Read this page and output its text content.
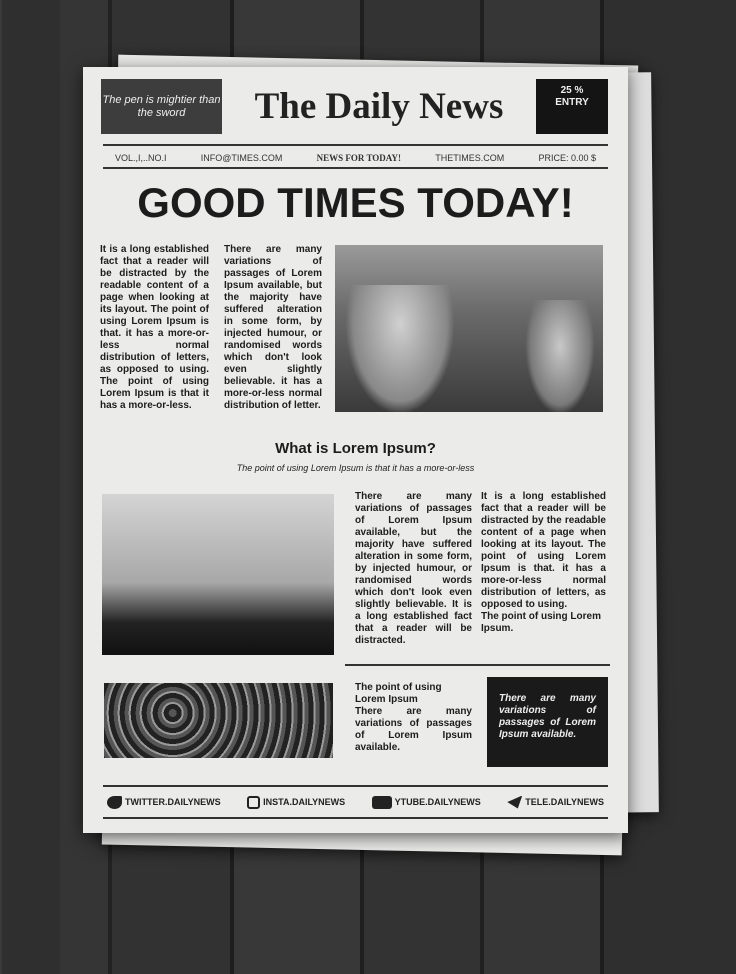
The pen is mightier than the sword	The Daily News	25 %
ENTRY
VOL.,I,..NO.I	INFO@TIMES.COM	NEWS FOR TODAY!	THETIMES.COM	PRICE: 0.00 $
GOOD TIMES TODAY!
It is a long established fact that a reader will be distracted by the readable content of a page when looking at its layout. The point of using Lorem Ipsum is that. it has a more-or-less normal distribution of letters, as opposed to using. The point of using Lorem Ipsum is that it has a more-or-less.
There are many variations of passages of Lorem Ipsum available, but the majority have suffered alteration in some form, by injected humour, or randomised words which don't look even slightly believable. it has a more-or-less normal distribution of letter.
What is Lorem Ipsum?
The point of using Lorem Ipsum is that it has a more-or-less
There are many variations of passages of Lorem Ipsum available, but the majority have suffered alteration in some form, by injected humour, or randomised words which don't look even slightly believable. It is a long established fact that a reader will be distracted.
It is a long established fact that a reader will be distracted by the readable content of a page when looking at its layout. The point of using Lorem Ipsum is that. it has a more-or-less normal distribution of letters, as opposed to using.
The point of using Lorem Ipsum.
The point of using Lorem Ipsum
There are many variations of passages of Lorem Ipsum available.
There are many variations of passages of Lorem Ipsum available.
TWITTER.DAILYNEWS	INSTA.DAILYNEWS	YTUBE.DAILYNEWS	TELE.DAILYNEWS
